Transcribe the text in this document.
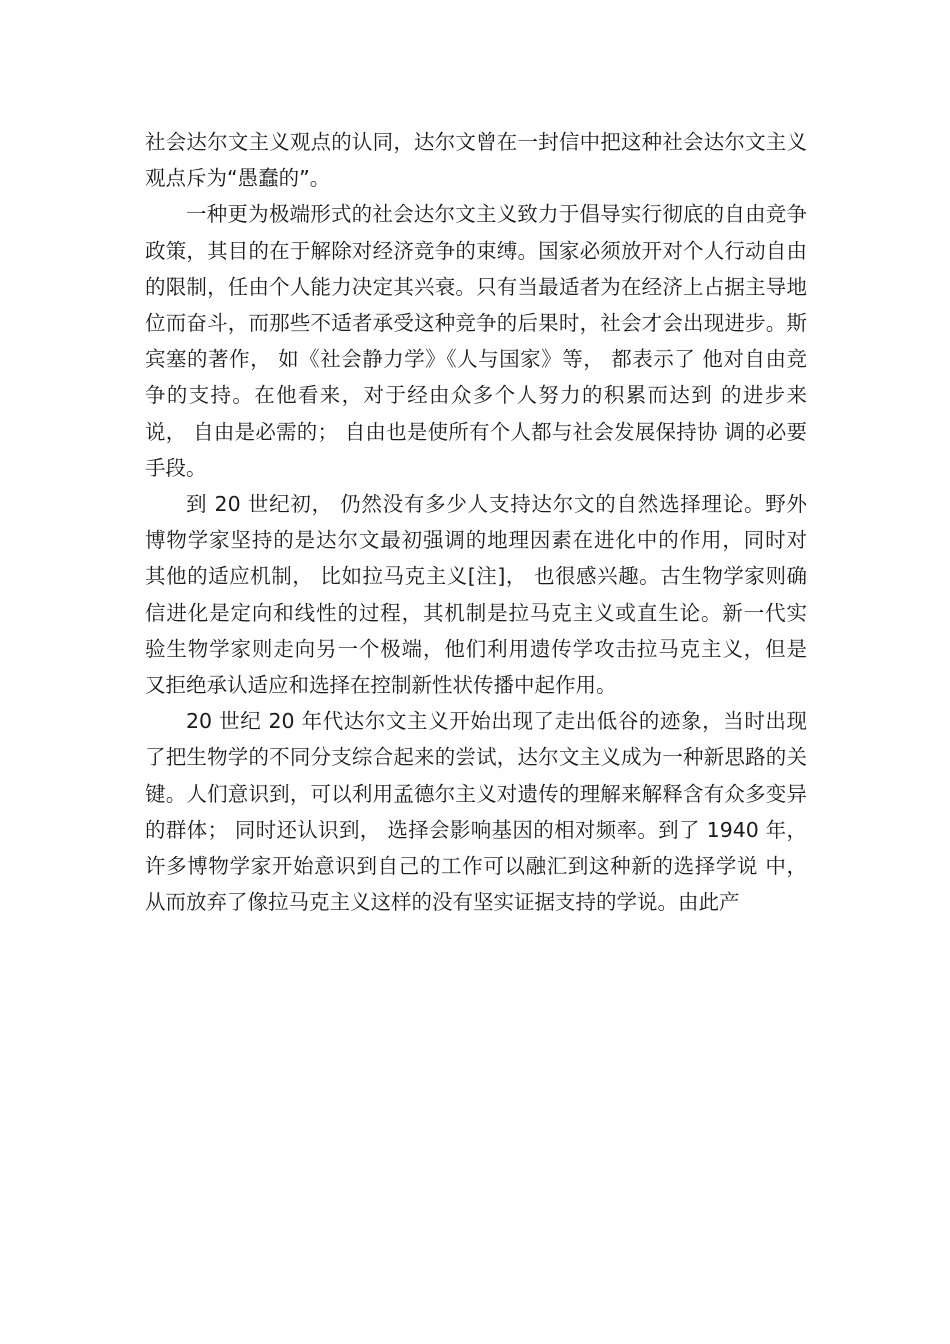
社会达尔文主义观点的认同，达尔文曾在一封信中把这种社会达尔文主义观点斥为“愚蠢的”。

一种更为极端形式的社会达尔文主义致力于倡导实行彻底的自由竞争政策，其目的在于解除对经济竞争的束缚。国家必须放开对个人行动自由的限制，任由个人能力决定其兴衰。只有当最适者为在经济上占据主导地位而奋斗，而那些不适者承受这种竞争的后果时，社会才会出现进步。斯宾塞的著作， 如《社会静力学》《人与国家》等， 都表示了 他对自由竞争的支持。在他看来，对于经由众多个人努力的积累而达到 的进步来说， 自由是必需的； 自由也是使所有个人都与社会发展保持协 调的必要手段。

到 20 世纪初， 仍然没有多少人支持达尔文的自然选择理论。野外 博物学家坚持的是达尔文最初强调的地理因素在进化中的作用，同时对 其他的适应机制， 比如拉马克主义[注]， 也很感兴趣。古生物学家则确 信进化是定向和线性的过程，其机制是拉马克主义或直生论。新一代实 验生物学家则走向另一个极端，他们利用遗传学攻击拉马克主义，但是 又拒绝承认适应和选择在控制新性状传播中起作用。

20 世纪 20 年代达尔文主义开始出现了走出低谷的迹象，当时出现了把生物学的不同分支综合起来的尝试，达尔文主义成为一种新思路的关键。人们意识到，可以利用孟德尔主义对遗传的理解来解释含有众多变异的群体； 同时还认识到， 选择会影响基因的相对频率。到了 1940 年，许多博物学家开始意识到自己的工作可以融汇到这种新的选择学说 中，从而放弃了像拉马克主义这样的没有坚实证据支持的学说。由此产
